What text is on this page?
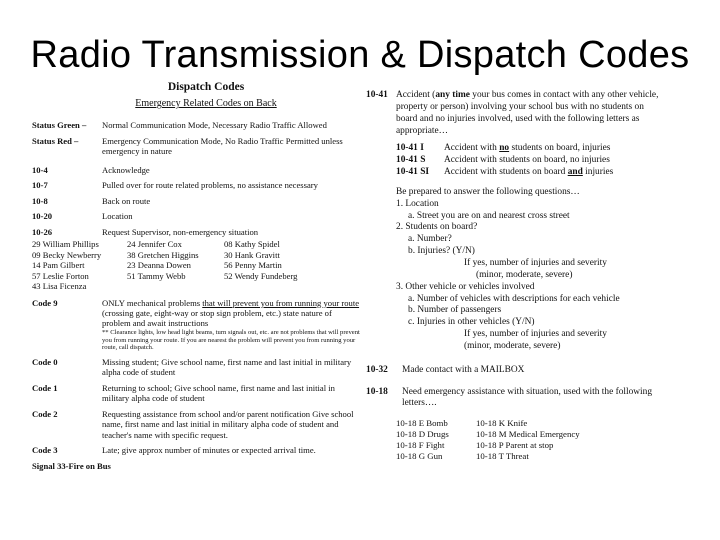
Radio Transmission & Dispatch Codes
Dispatch Codes
Emergency Related Codes on Back
Status Green –	Normal Communication Mode, Necessary Radio Traffic Allowed
Status Red –	Emergency Communication Mode, No Radio Traffic Permitted unless emergency in nature
10-4	Acknowledge
10-7	Pulled over for route related problems, no assistance necessary
10-8	Back on route
10-20	Location
10-26	Request Supervisor, non-emergency situation
29 William Phillips	24 Jennifer Cox	08 Kathy Spidel
09 Becky Newberry	38 Gretchen Higgins	30 Hank Gravitt
14 Pam Gilbert	23 Deanna Dowen	56 Penny Martin
57 Leslie Forton	51 Tammy Webb	52 Wendy Fundeberg
43 Lisa Ficenza
Code 9	ONLY mechanical problems that will prevent you from running your route (crossing gate, eight-way or stop sign problem, etc.) state nature of problem and await instructions
** Clearance lights, low head light beams, turn signals out, etc. are not problems that will prevent you from running your route. If you are nearest the problem will prevent you from running your route, call dispatch.
Code 0	Missing student; Give school name, first name and last initial in military alpha code of student
Code 1	Returning to school; Give school name, first name and last initial in military alpha code of student
Code 2	Requesting assistance from school and/or parent notification Give school name, first name and last initial in military alpha code of student and teacher's name with specific request.
Code 3	Late; give approx number of minutes or expected arrival time.
Signal 33-Fire on Bus
10-41 Accident (any time your bus comes in contact with any other vehicle, property or person) involving your school bus with no students on board and no injuries involved, used with the following letters as appropriate…
10-41 I	Accident with no students on board, injuries
10-41 S	Accident with students on board, no injuries
10-41 SI	Accident with students on board and injuries
Be prepared to answer the following questions…
1. Location
a. Street you are on and nearest cross street
2. Students on board?
a. Number?
b. Injuries? (Y/N)
If yes, number of injuries and severity
(minor, moderate, severe)
3. Other vehicle or vehicles involved
a. Number of vehicles with descriptions for each vehicle
b. Number of passengers
c. Injuries in other vehicles (Y/N)
If yes, number of injuries and severity
(minor, moderate, severe)
10-32	Made contact with a MAILBOX
10-18	Need emergency assistance with situation, used with the following letters….
10-18 E Bomb	10-18 K Knife
10-18 D Drugs	10-18 M Medical Emergency
10-18 F Fight	10-18 P Parent at stop
10-18 G Gun	10-18 T Threat
